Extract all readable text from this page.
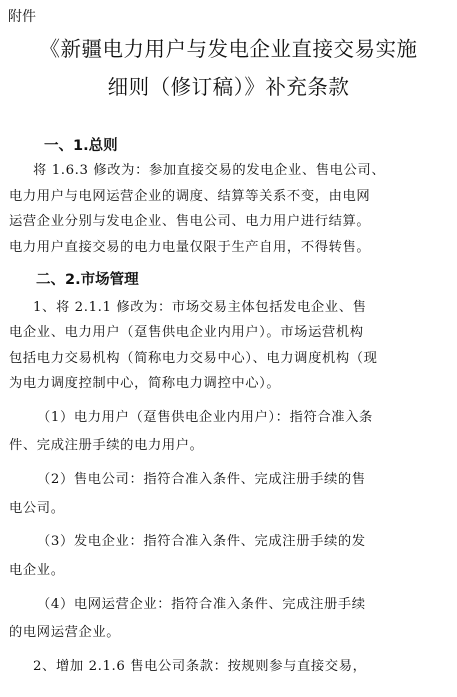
附件
《新疆电力用户与发电企业直接交易实施
细则（修订稿）》补充条款
一、1.总则
将 1.6.3 修改为：参加直接交易的发电企业、售电公司、
电力用户与电网运营企业的调度、结算等关系不变，由电网
运营企业分别与发电企业、售电公司、电力用户进行结算。
电力用户直接交易的电力电量仅限于生产自用，不得转售。
二、2.市场管理
1、将 2.1.1 修改为：市场交易主体包括发电企业、售
电企业、电力用户（趸售供电企业内用户）。市场运营机构
包括电力交易机构（简称电力交易中心）、电力调度机构（现
为电力调度控制中心，简称电力调控中心）。
（1）电力用户（趸售供电企业内用户）：指符合准入条
件、完成注册手续的电力用户。
（2）售电公司：指符合准入条件、完成注册手续的售
电公司。
（3）发电企业：指符合准入条件、完成注册手续的发
电企业。
（4）电网运营企业：指符合准入条件、完成注册手续
的电网运营企业。
2、增加 2.1.6 售电公司条款：按规则参与直接交易，
